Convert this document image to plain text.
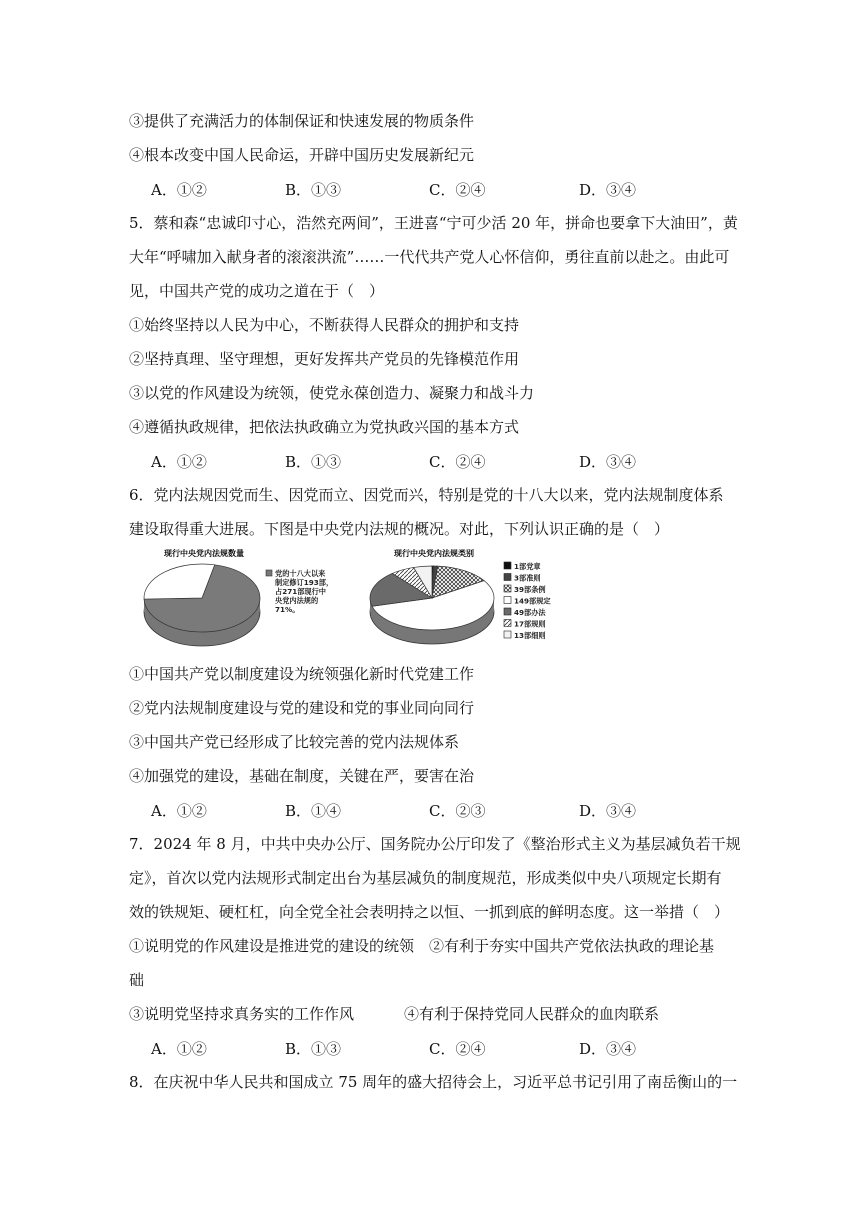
③提供了充满活力的体制保证和快速发展的物质条件
④根本改变中国人民命运，开辟中国历史发展新纪元
A．①②	B．①③	C．②④	D．③④
5．蔡和森“忠诚印寸心，浩然充两间”，王进喜“宁可少活 20 年，拼命也要拿下大油田”，黄
大年“呼啸加入献身者的滚滚洪流”……一代代共产党人心怀信仰，勇往直前以赴之。由此可
见，中国共产党的成功之道在于（　）
①始终坚持以人民为中心，不断获得人民群众的拥护和支持
②坚持真理、坚守理想，更好发挥共产党员的先锋模范作用
③以党的作风建设为统领，使党永葆创造力、凝聚力和战斗力
④遵循执政规律，把依法执政确立为党执政兴国的基本方式
A．①②	B．①③	C．②④	D．③④
6．党内法规因党而生、因党而立、因党而兴，特别是党的十八大以来，党内法规制度体系
建设取得重大进展。下图是中央党内法规的概况。对此，下列认识正确的是（　）
现行中央党内法规数量
党的十八大以来
制定修订193部，
占271部现行中
央党内法规的
71%。
现行中央党内法规类别
1部党章
3部准则
39部条例
149部规定
49部办法
17部规则
13部细则
①中国共产党以制度建设为统领强化新时代党建工作
②党内法规制度建设与党的建设和党的事业同向同行
③中国共产党已经形成了比较完善的党内法规体系
④加强党的建设，基础在制度，关键在严，要害在治
A．①②	B．①④	C．②③	D．③④
7．2024 年 8 月，中共中央办公厅、国务院办公厅印发了《整治形式主义为基层减负若干规
定》，首次以党内法规形式制定出台为基层减负的制度规范，形成类似中央八项规定长期有
效的铁规矩、硬杠杠，向全党全社会表明持之以恒、一抓到底的鲜明态度。这一举措（　）
①说明党的作风建设是推进党的建设的统领　②有利于夯实中国共产党依法执政的理论基
础
③说明党坚持求真务实的工作作风	④有利于保持党同人民群众的血肉联系
A．①②	B．①③	C．②④	D．③④
8．在庆祝中华人民共和国成立 75 周年的盛大招待会上，习近平总书记引用了南岳衡山的一
